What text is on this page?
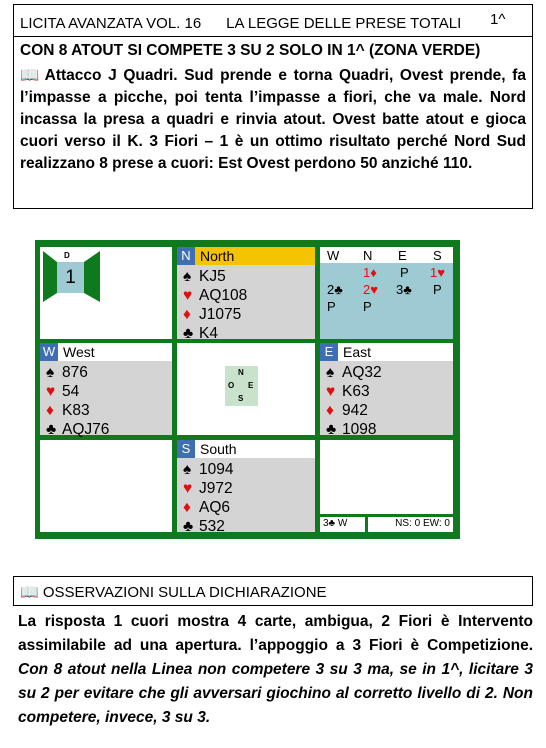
LICITA AVANZATA VOL. 16      LA LEGGE DELLE PRESE TOTALI 1^
CON 8 ATOUT SI COMPETE 3 SU 2 SOLO IN 1^ (ZONA VERDE)
📖 Attacco J Quadri. Sud prende e torna Quadri, Ovest prende, fa l’impasse a picche, poi tenta l’impasse a fiori, che va male. Nord incassa la presa a quadri e rinvia atout. Ovest batte atout e gioca cuori verso il K. 3 Fiori – 1 è un ottimo risultato perché Nord Sud realizzano 8 prese a cuori: Est Ovest perdono 50 anziché 110.
D
1
N North
♠ KJ5
♥ AQ108
♦ J1075
♣ K4
W N E S
1♦ P 1♥
2♣ 2♥ 3♣ P
P P
W West
♠ 876
♥ 54
♦ K83
♣ AQJ76
N
O E
S
E East
♠ AQ32
♥ K63
♦ 942
♣ 1098
S South
♠ 1094
♥ J972
♦ AQ6
♣ 532	3♣ W	NS: 0 EW: 0
📖 OSSERVAZIONI SULLA DICHIARAZIONE
La risposta 1 cuori mostra 4 carte, ambigua, 2 Fiori è Intervento assimilabile ad una apertura. l’appoggio a 3 Fiori è Competizione. Con 8 atout nella Linea non competere 3 su 3 ma, se in 1^, licitare 3 su 2 per evitare che gli avversari giochino al corretto livello di 2. Non competere, invece, 3 su 3.
